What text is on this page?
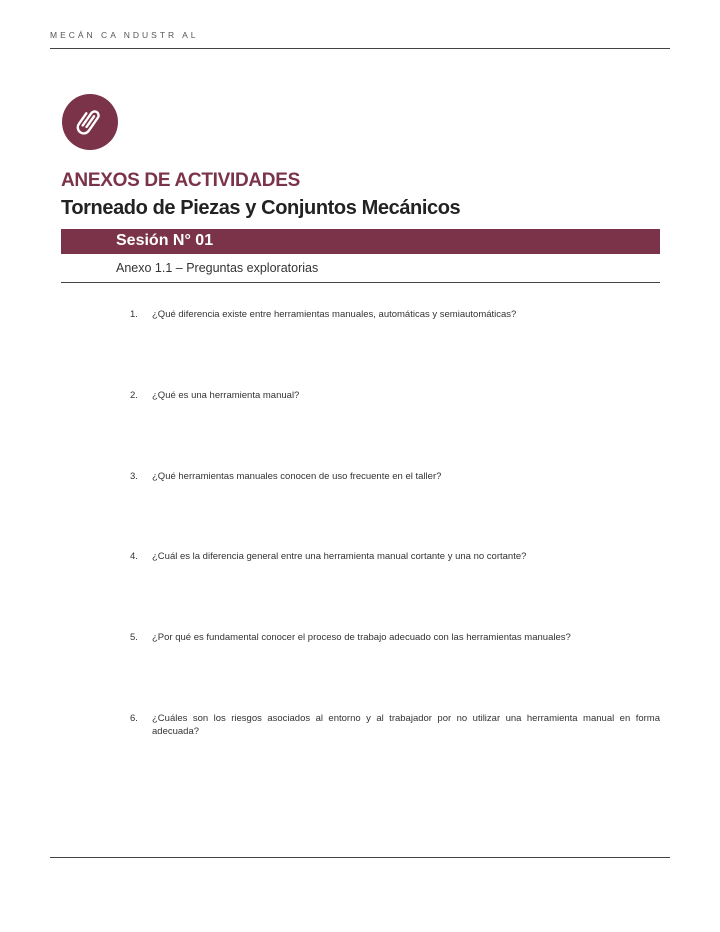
MECÁN CA NDUSTR AL
ANEXOS DE ACTIVIDADES
Torneado de Piezas y Conjuntos Mecánicos
Sesión N° 01
Anexo 1.1 – Preguntas exploratorias
1. ¿Qué diferencia existe entre herramientas manuales, automáticas y semiautomáticas?
2. ¿Qué es una herramienta manual?
3. ¿Qué herramientas manuales conocen de uso frecuente en el taller?
4. ¿Cuál es la diferencia general entre una herramienta manual cortante y una no cortante?
5. ¿Por qué es fundamental conocer el proceso de trabajo adecuado con las herramientas manuales?
6. ¿Cuáles son los riesgos asociados al entorno y al trabajador por no utilizar una herramienta manual en forma adecuada?
